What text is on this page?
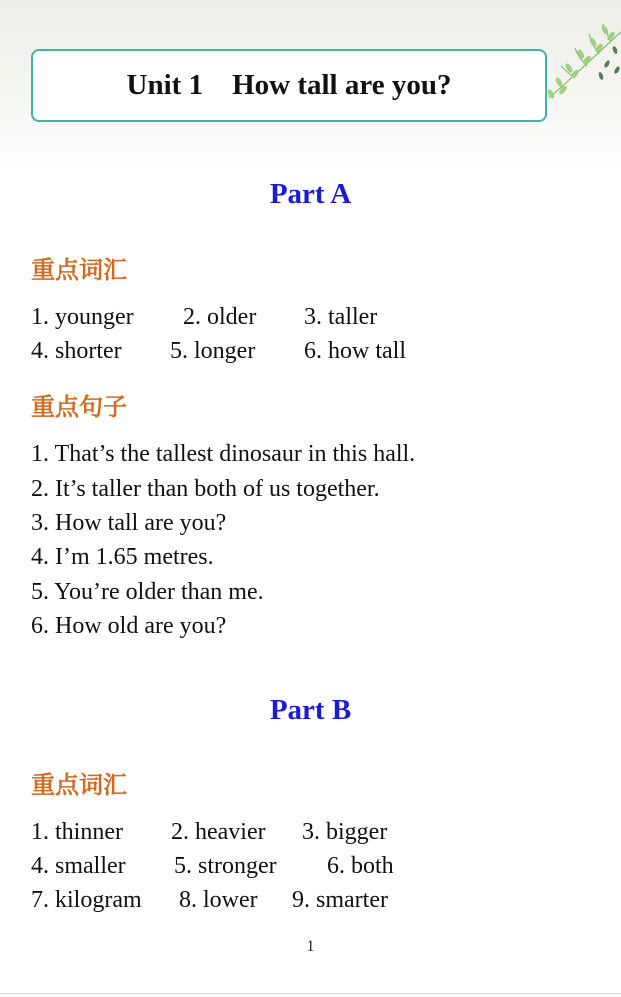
Unit 1    How tall are you?
Part A
重点词汇
1. younger 2. older 3. taller
4. shorter 5. longer 6. how tall
重点句子
1. That’s the tallest dinosaur in this hall.
2. It’s taller than both of us together.
3. How tall are you?
4. I’m 1.65 metres.
5. You’re older than me.
6. How old are you?
Part B
重点词汇
1. thinner 2. heavier 3. bigger
4. smaller 5. stronger 6. both
7. kilogram 8. lower 9. smarter
1
